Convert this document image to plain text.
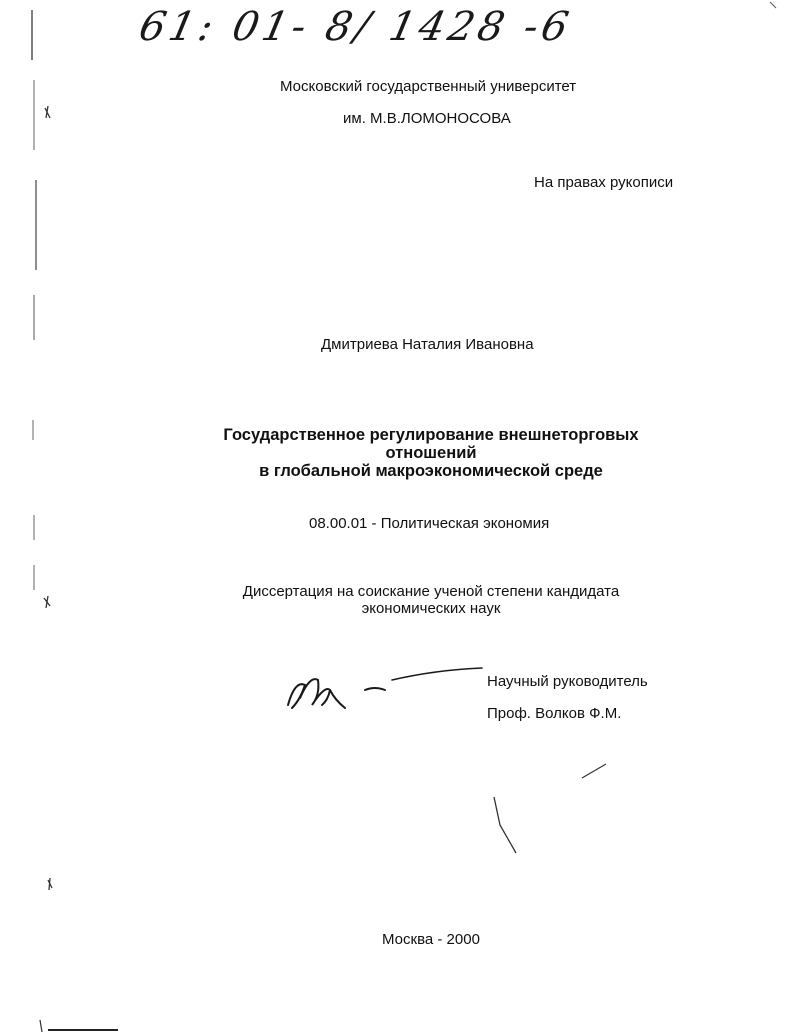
61: 01- 8/ 1428 -6
Московский государственный университет
им. М.В.ЛОМОНОСОВА
На правах рукописи
Дмитриева Наталия Ивановна
Государственное регулирование внешнеторговых
отношений
в глобальной макроэкономической среде
08.00.01 - Политическая экономия
Диссертация на соискание ученой степени кандидата
экономических наук
Научный руководитель
Проф. Волков Ф.М.
Москва - 2000
